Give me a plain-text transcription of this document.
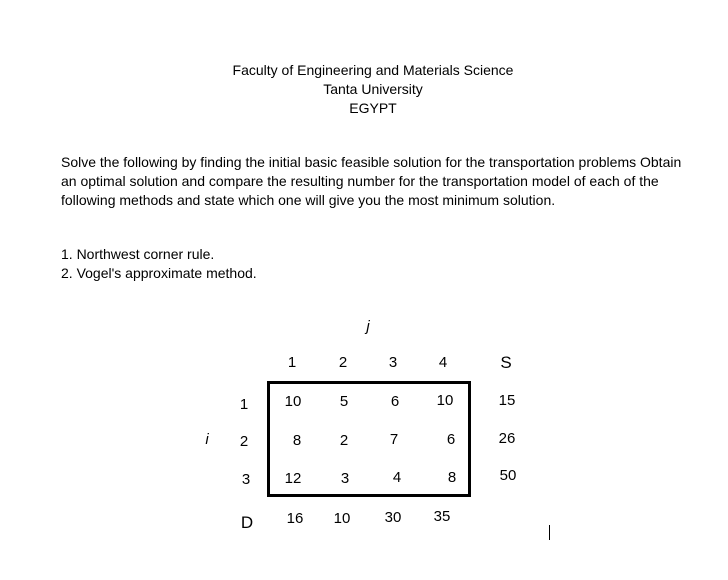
Faculty of Engineering and Materials Science
Tanta University
EGYPT
Solve the following by finding the initial basic feasible solution for the transportation problems Obtain an optimal solution and compare the resulting number for the transportation model of each of the following methods and state which one will give you the most minimum solution.
1. Northwest corner rule.
2. Vogel's approximate method.
j
i
1	2	3	4	S
1	10	5	6	10	15
2	8	2	7	6	26
3	12	3	4	8	50
D	16	10	30	35
